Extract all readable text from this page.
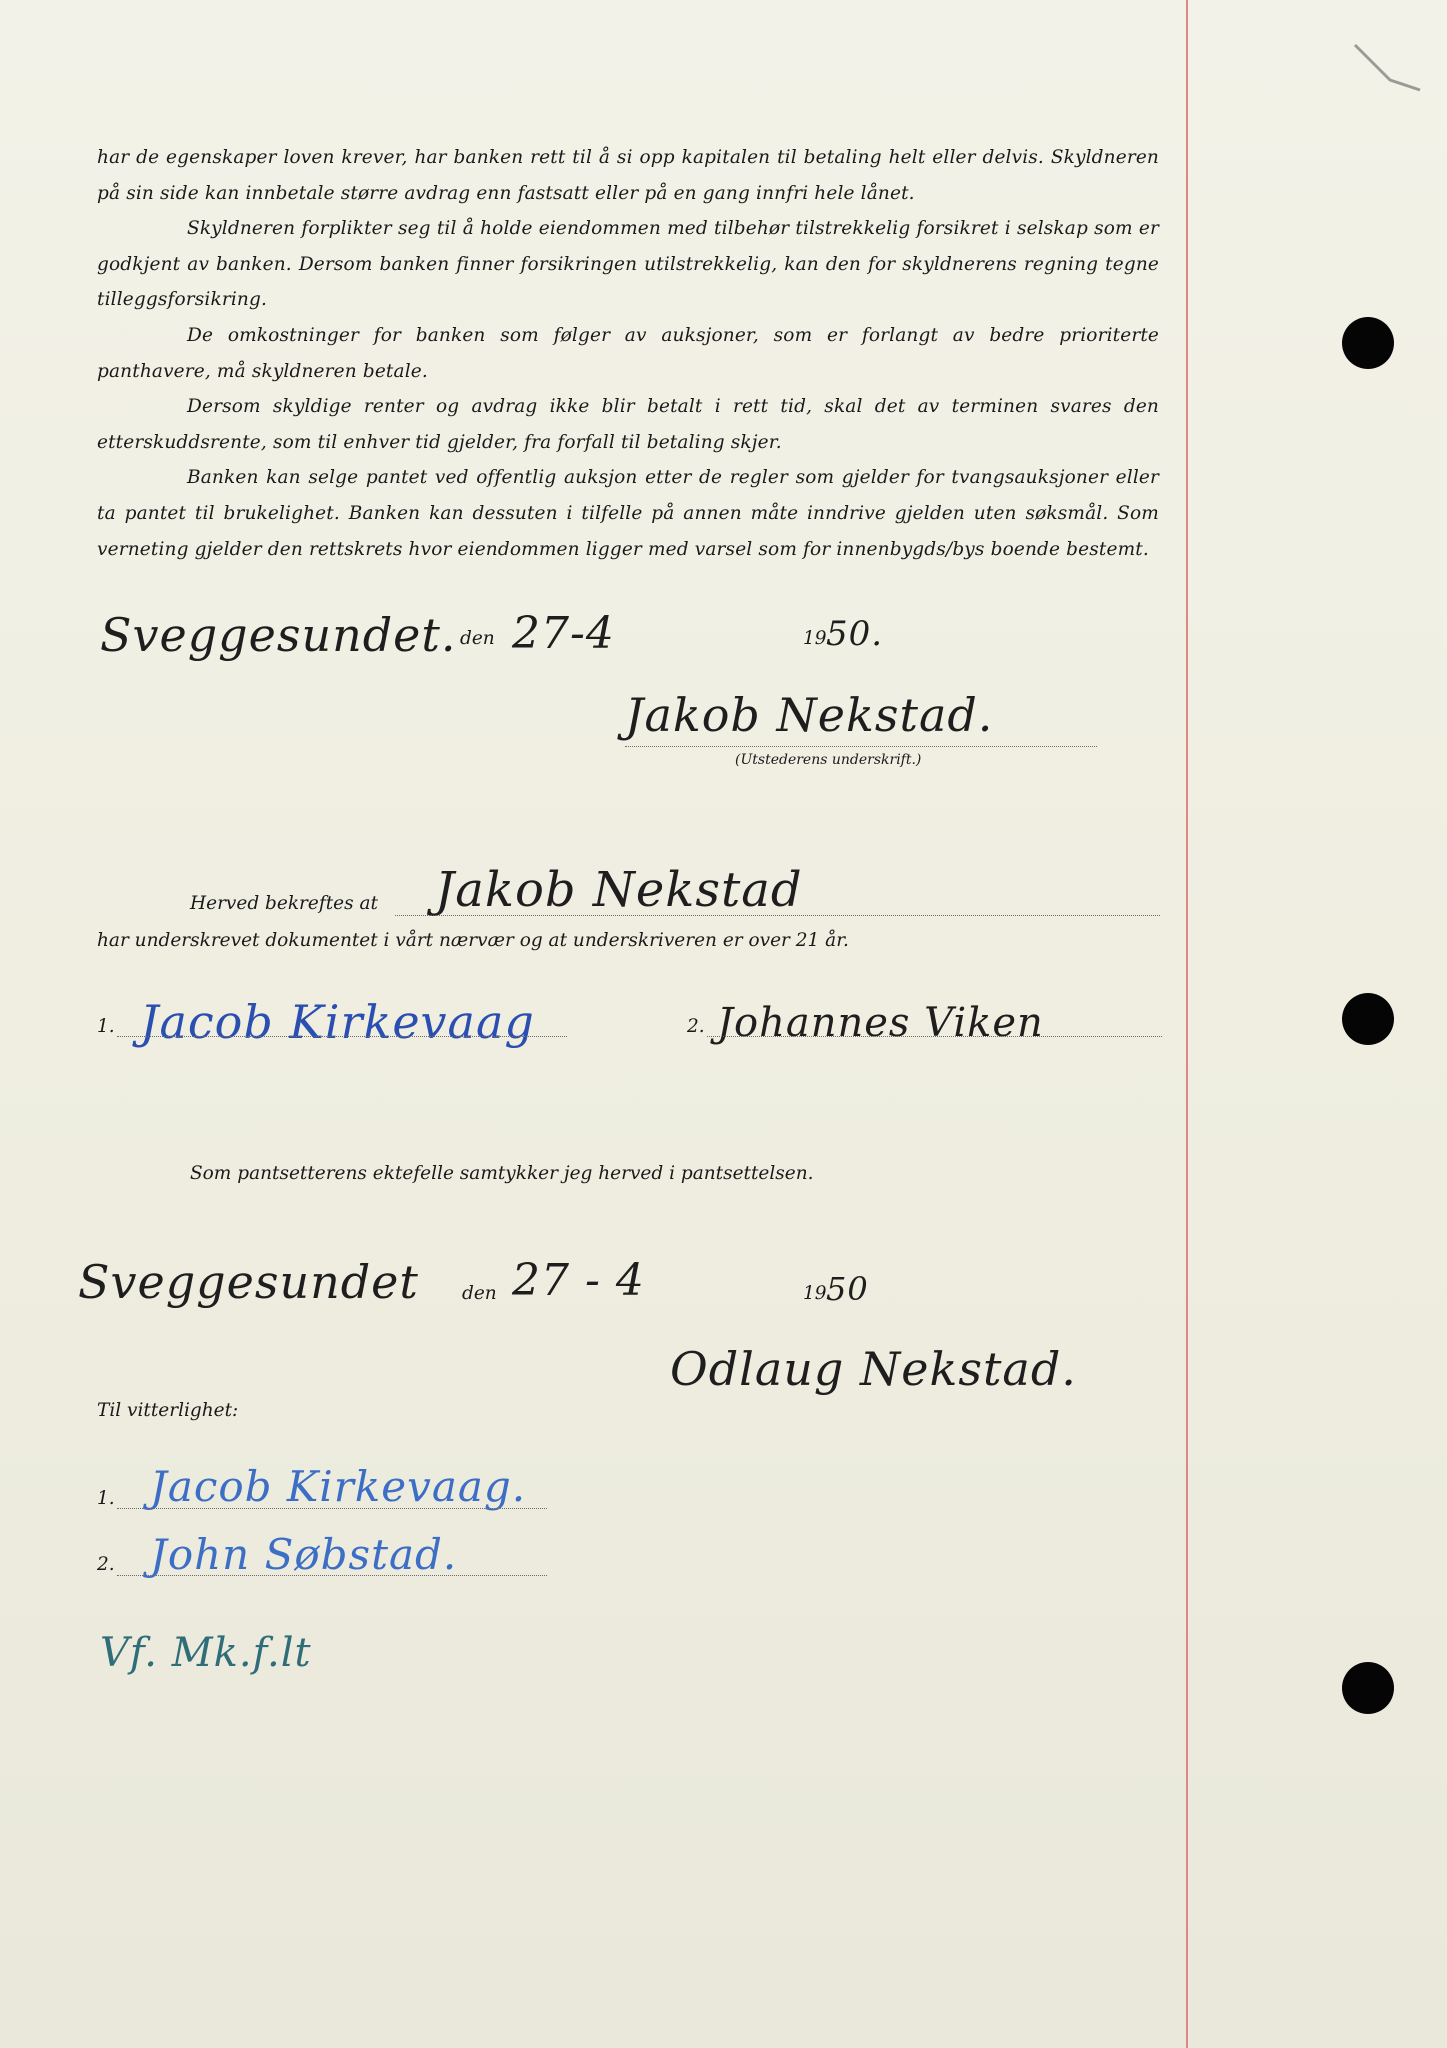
har de egenskaper loven krever, har banken rett til å si opp kapitalen til betaling helt eller delvis. Skyldneren på sin side kan innbetale større avdrag enn fastsatt eller på en gang innfri hele lånet.

Skyldneren forplikter seg til å holde eiendommen med tilbehør tilstrekkelig forsikret i selskap som er godkjent av banken. Dersom banken finner forsikringen utilstrekkelig, kan den for skyldnerens regning tegne tilleggsforsikring.

De omkostninger for banken som følger av auksjoner, som er forlangt av bedre prioriterte panthavere, må skyldneren betale.

Dersom skyldige renter og avdrag ikke blir betalt i rett tid, skal det av terminen svares den etterskuddsrente, som til enhver tid gjelder, fra forfall til betaling skjer.

Banken kan selge pantet ved offentlig auksjon etter de regler som gjelder for tvangsauksjoner eller ta pantet til brukelighet. Banken kan dessuten i tilfelle på annen måte inndrive gjelden uten søksmål. Som verneting gjelder den rettskrets hvor eiendommen ligger med varsel som for innenbygds/bys boende bestemt.

Sveggesundet. den 27-4	19 50.
Jakob Nekstad.
(Utstederens underskrift.)
Herved bekreftes at Jakob Nekstad
har underskrevet dokumentet i vårt nærvær og at underskriveren er over 21 år.
1. Jacob Kirkevaag	2. Johannes Viken
Som pantsetterens ektefelle samtykker jeg herved i pantsettelsen.
Sveggesundet den 27 - 4	19 50
Odlaug Nekstad.
Til vitterlighet:
1. Jacob Kirkevaag.
2. John Søbstad.
Vf. Mk.f.lt
